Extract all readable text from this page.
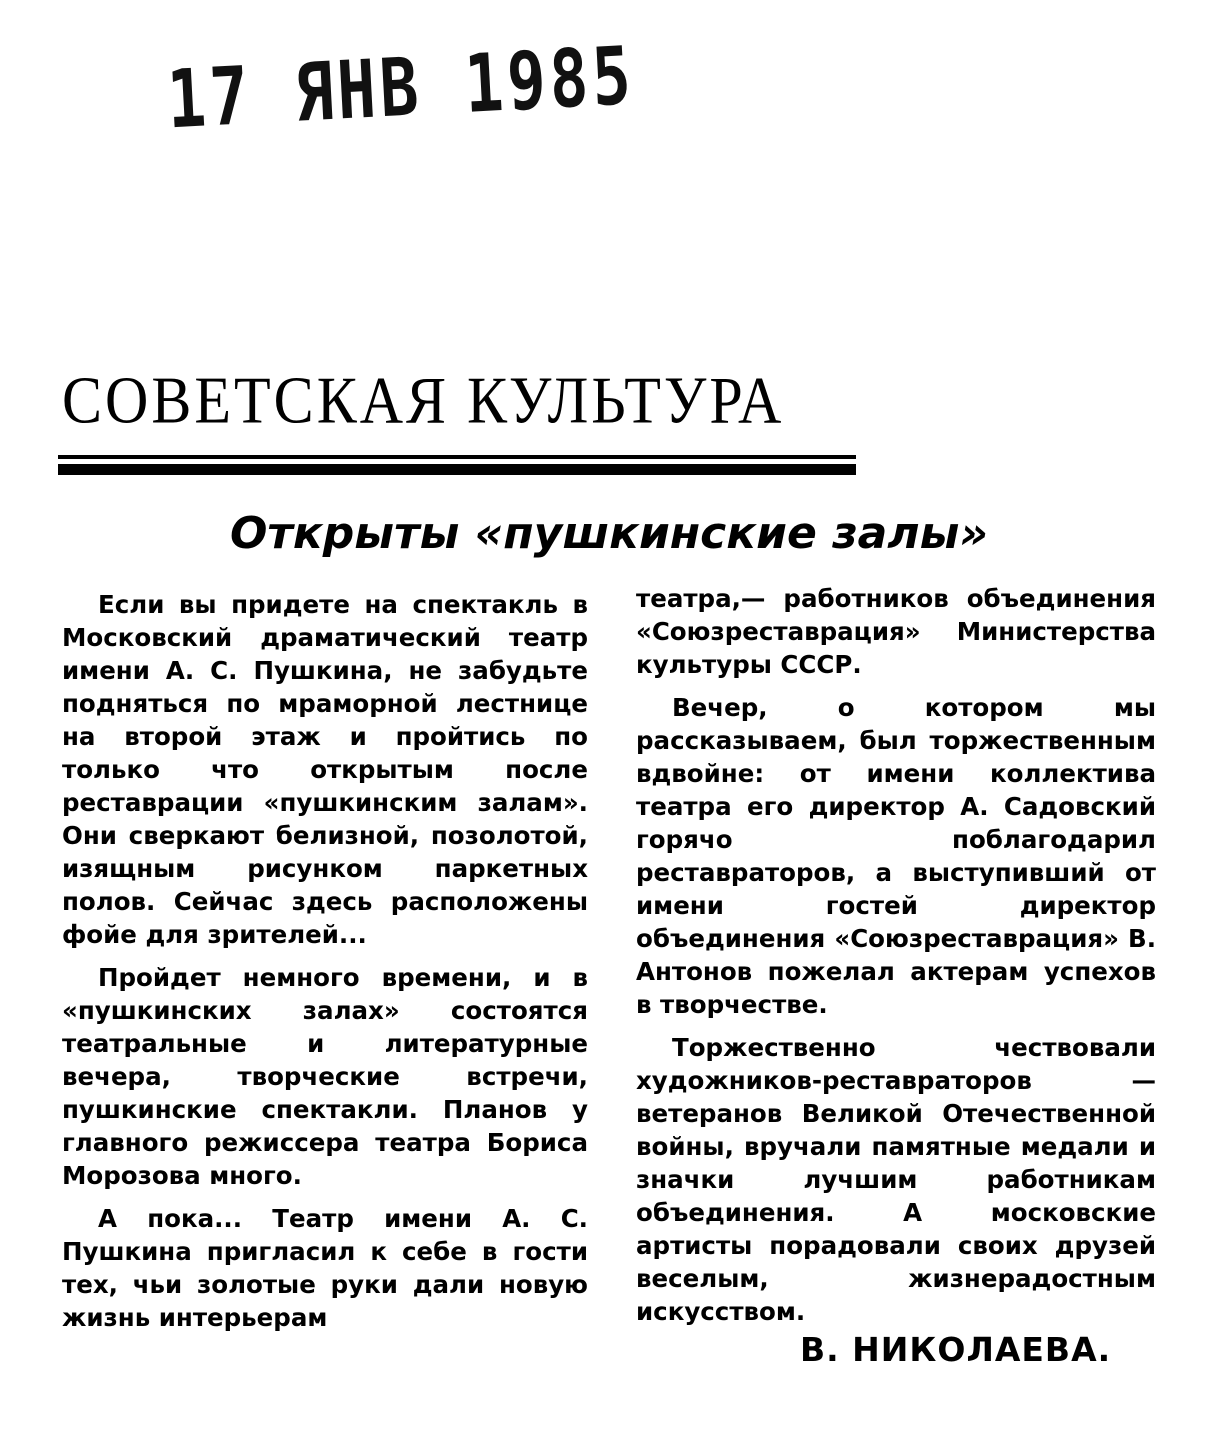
17 ЯНВ 1985
СОВЕТСКАЯ КУЛЬТУРА
Открыты «пушкинские залы»

Если вы придете на спектакль в Московский драматический театр имени А. С. Пушкина, не забудьте подняться по мраморной лестнице на второй этаж и пройтись по только что открытым после реставрации «пушкинским залам». Они сверкают белизной, позолотой, изящным рисунком паркетных полов. Сейчас здесь расположены фойе для зрителей...

Пройдет немного времени, и в «пушкинских залах» состоятся театральные и литературные вечера, творческие встречи, пушкинские спектакли. Планов у главного режиссера театра Бориса Морозова много.

А пока... Театр имени А. С. Пушкина пригласил к себе в гости тех, чьи золотые руки дали новую жизнь интерьерам

театра,— работников объединения «Союзреставрация» Министерства культуры СССР.

Вечер, о котором мы рассказываем, был торжественным вдвойне: от имени коллектива театра его директор А. Садовский горячо поблагодарил реставраторов, а выступивший от имени гостей директор объединения «Союзреставрация» В. Антонов пожелал актерам успехов в творчестве.

Торжественно чествовали художников-реставраторов — ветеранов Великой Отечественной войны, вручали памятные медали и значки лучшим работникам объединения. А московские артисты порадовали своих друзей веселым, жизнерадостным искусством.

В. НИКОЛАЕВА.
